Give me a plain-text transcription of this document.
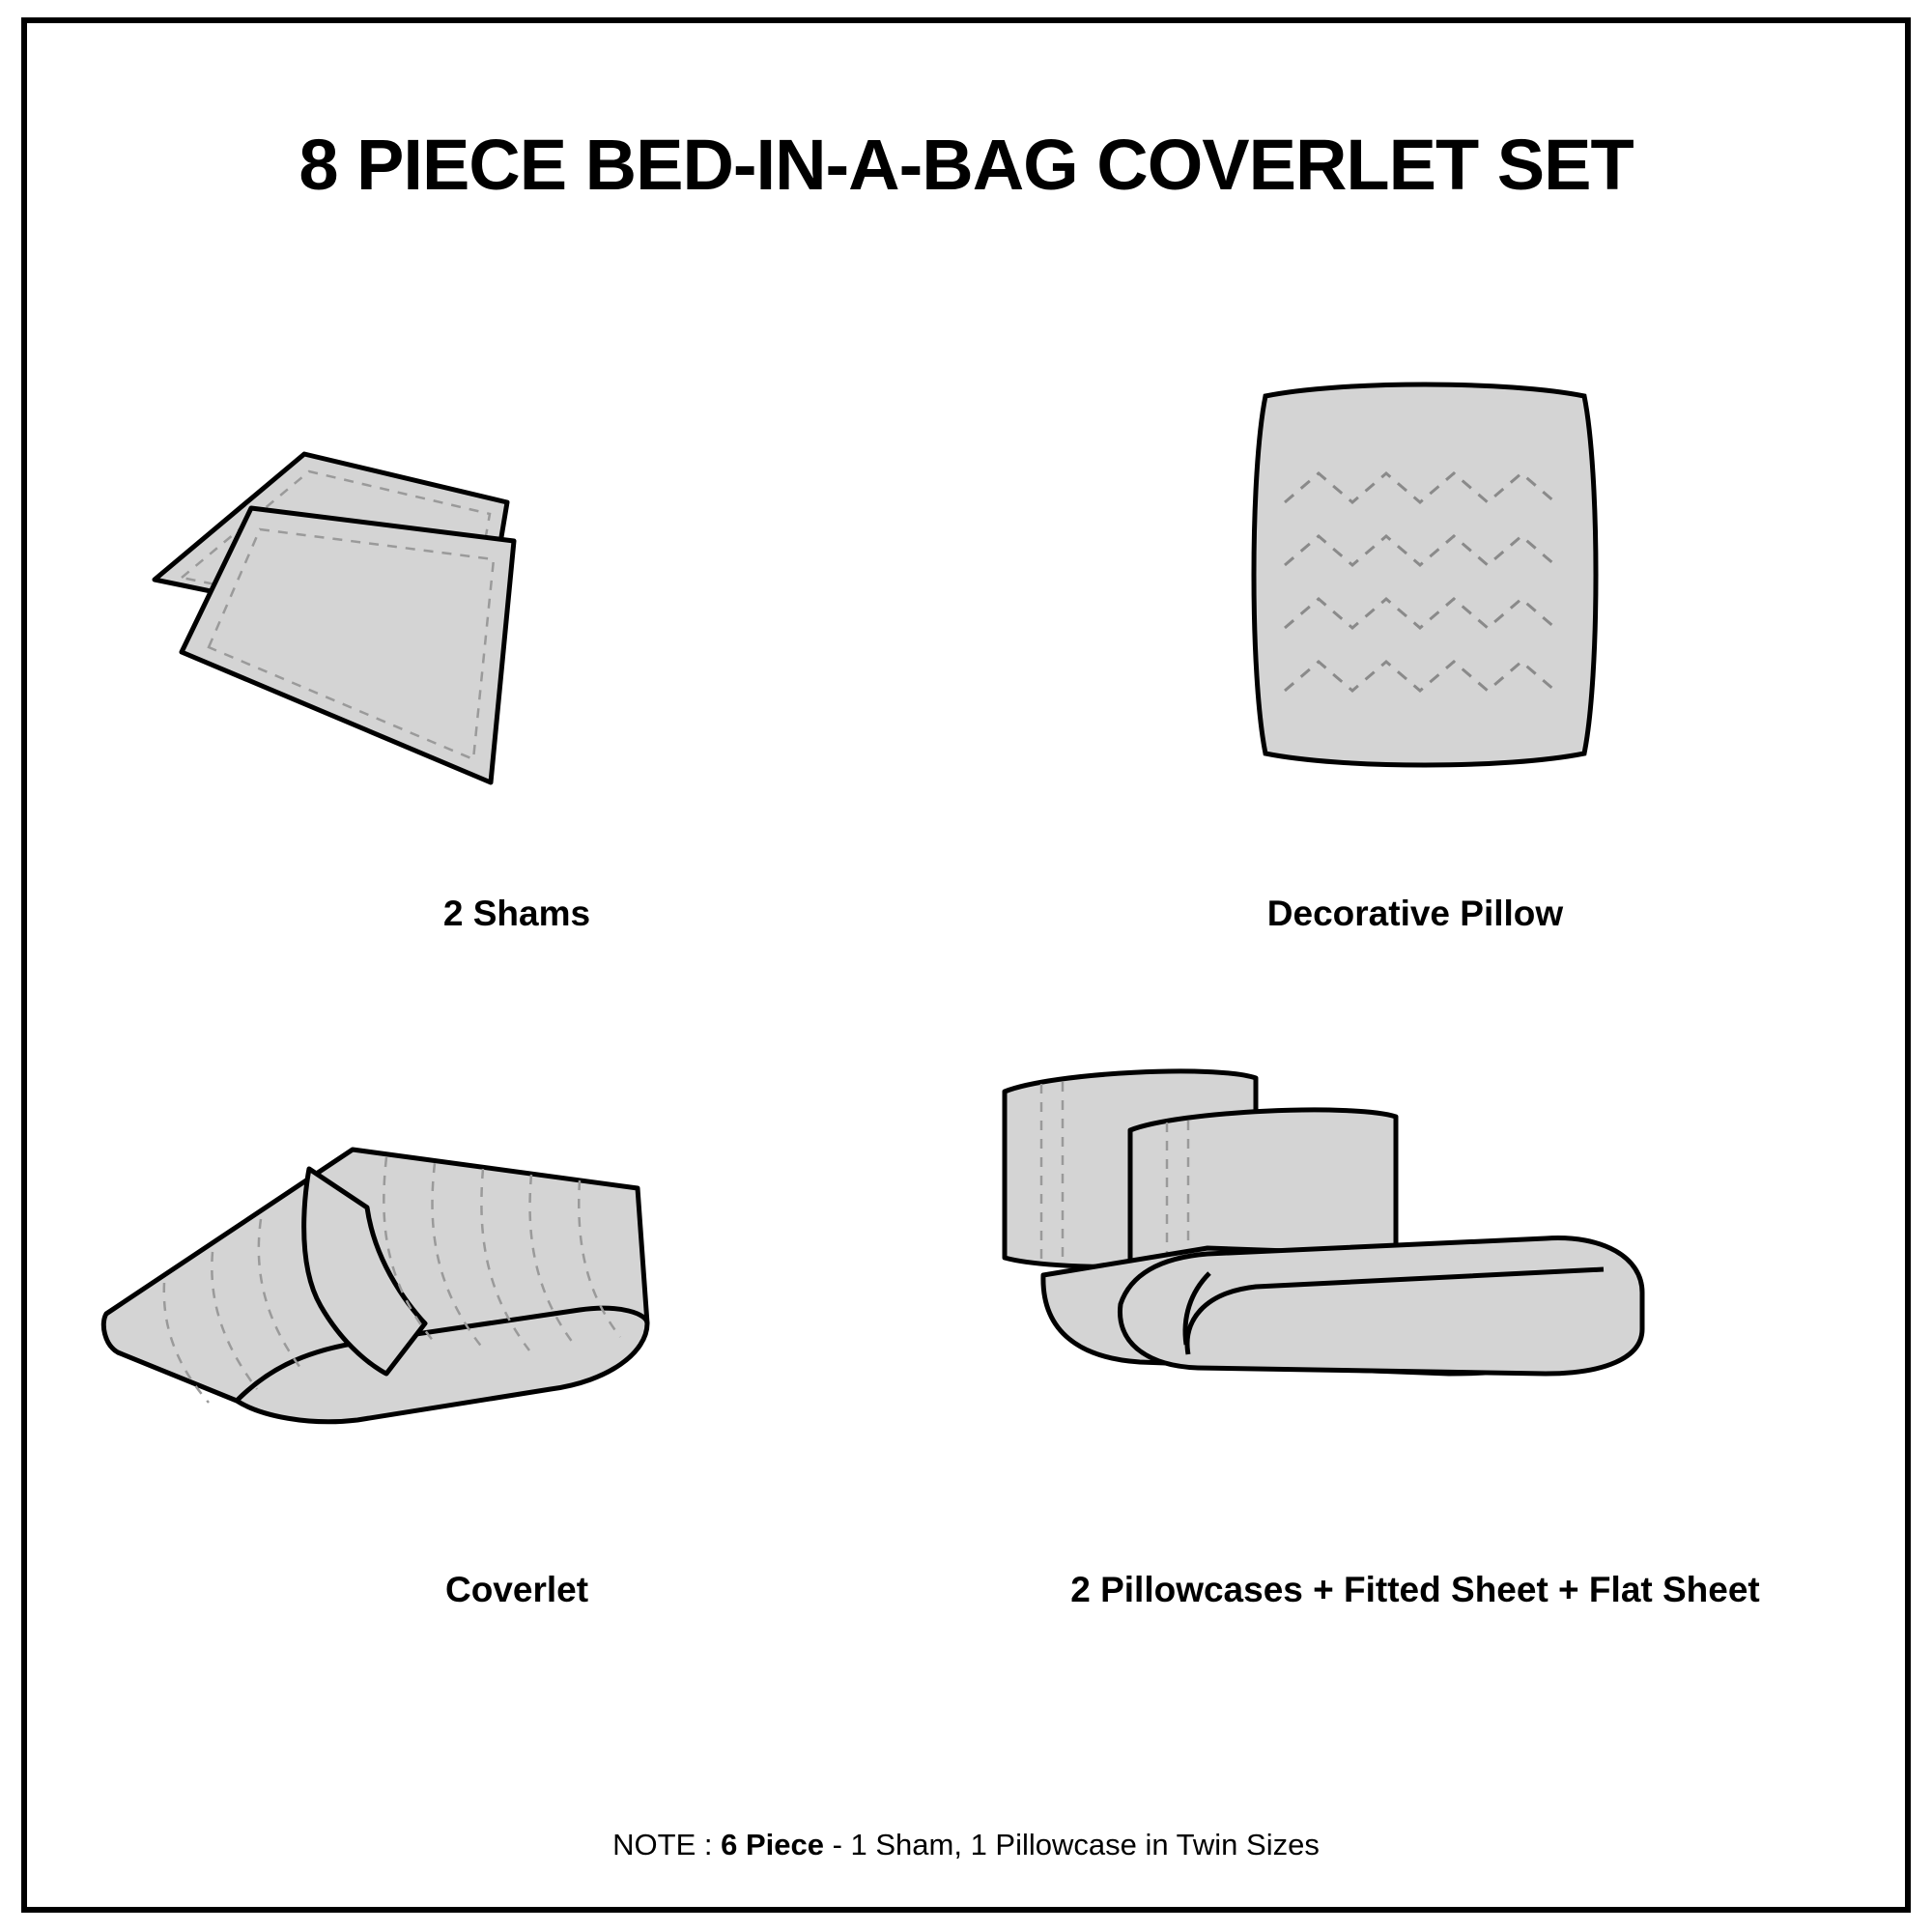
8 PIECE BED-IN-A-BAG COVERLET SET
2 Shams	Decorative Pillow
Coverlet	2 Pillowcases + Fitted Sheet + Flat Sheet
NOTE : 6 Piece - 1 Sham, 1 Pillowcase in Twin Sizes
